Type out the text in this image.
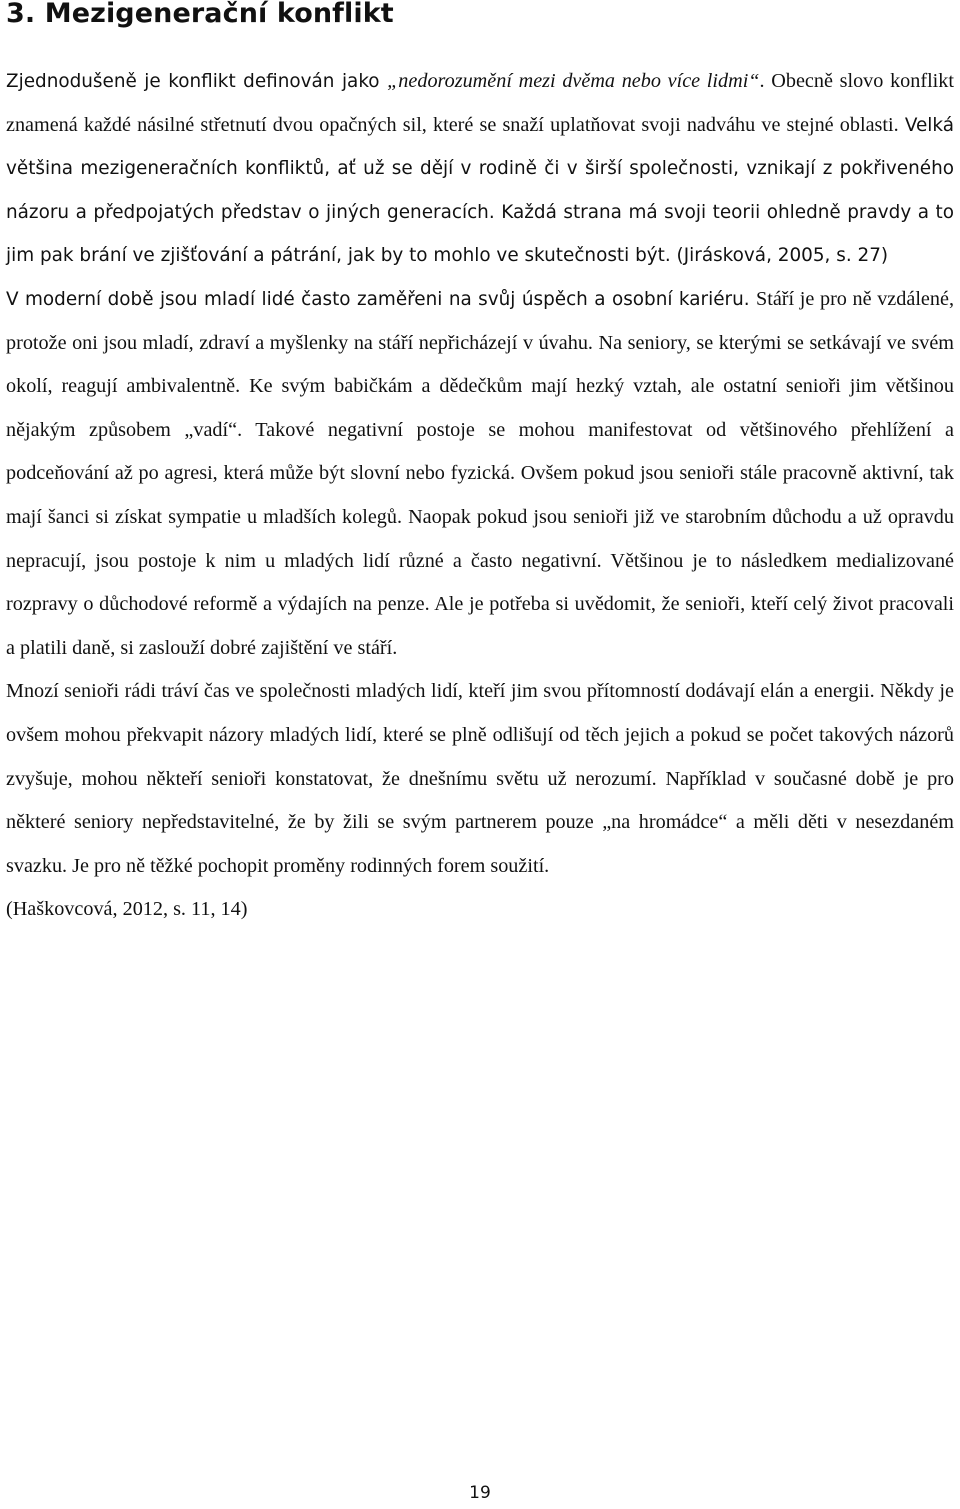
3. Mezigenerační konflikt

Zjednodušeně je konflikt definován jako „nedorozumění mezi dvěma nebo více lidmi“. Obecně slovo konflikt znamená každé násilné střetnutí dvou opačných sil, které se snaží uplatňovat svoji nadváhu ve stejné oblasti. Velká většina mezigeneračních konfliktů, ať už se dějí v rodině či v širší společnosti, vznikají z pokřiveného názoru a předpojatých představ o jiných generacích. Každá strana má svoji teorii ohledně pravdy a to jim pak brání ve zjišťování a pátrání, jak by to mohlo ve skutečnosti být. (Jirásková, 2005, s. 27)

V moderní době jsou mladí lidé často zaměřeni na svůj úspěch a osobní kariéru. Stáří je pro ně vzdálené, protože oni jsou mladí, zdraví a myšlenky na stáří nepřicházejí v úvahu. Na seniory, se kterými se setkávají ve svém okolí, reagují ambivalentně. Ke svým babičkám a dědečkům mají hezký vztah, ale ostatní senioři jim většinou nějakým způsobem „vadí“. Takové negativní postoje se mohou manifestovat od většinového přehlížení a podceňování až po agresi, která může být slovní nebo fyzická. Ovšem pokud jsou senioři stále pracovně aktivní, tak mají šanci si získat sympatie u mladších kolegů. Naopak pokud jsou senioři již ve starobním důchodu a už opravdu nepracují, jsou postoje k nim u mladých lidí různé a často negativní. Většinou je to následkem medializované rozpravy o důchodové reformě a výdajích na penze. Ale je potřeba si uvědomit, že senioři, kteří celý život pracovali a platili daně, si zaslouží dobré zajištění ve stáří.

Mnozí senioři rádi tráví čas ve společnosti mladých lidí, kteří jim svou přítomností dodávají elán a energii. Někdy je ovšem mohou překvapit názory mladých lidí, které se plně odlišují od těch jejich a pokud se počet takových názorů zvyšuje, mohou někteří senioři konstatovat, že dnešnímu světu už nerozumí. Například v současné době je pro některé seniory nepředstavitelné, že by žili se svým partnerem pouze „na hromádce“ a měli děti v nesezdaném svazku. Je pro ně těžké pochopit proměny rodinných forem soužití.

(Haškovcová, 2012, s. 11, 14)

19
